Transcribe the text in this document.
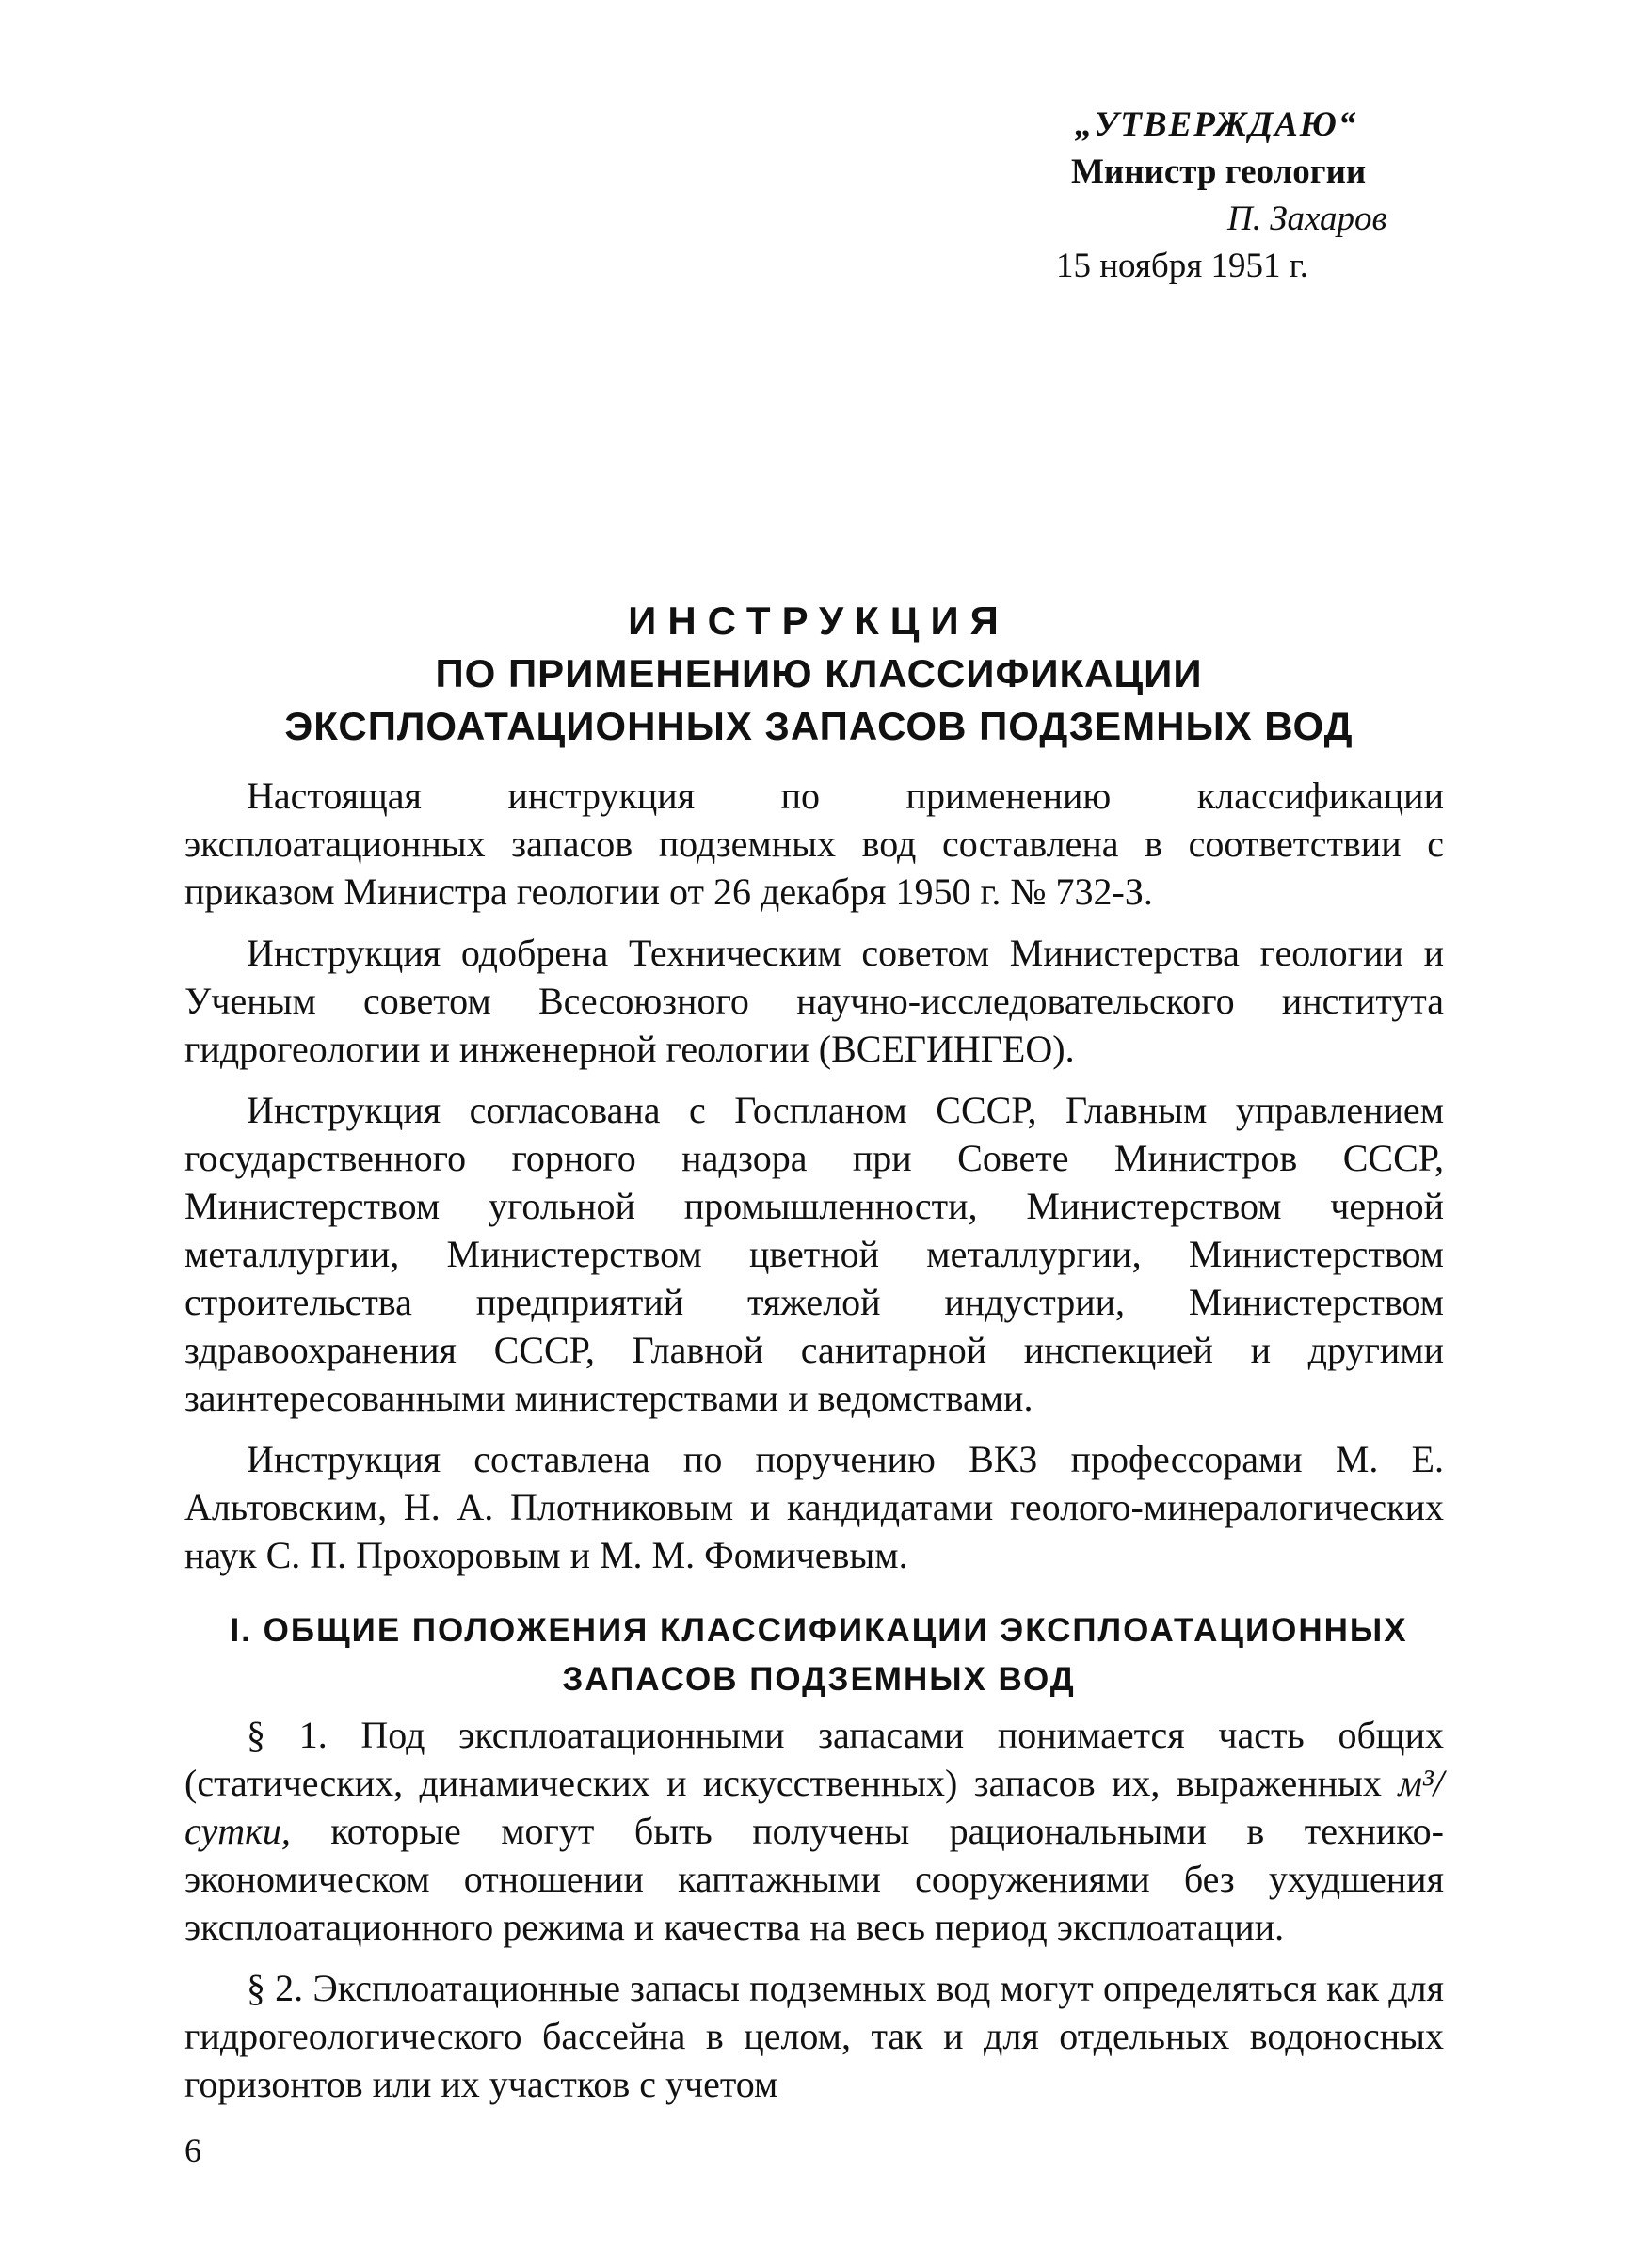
„УТВЕРЖДАЮ“
Министр геологии
П. Захаров
15 ноября 1951 г.
ИНСТРУКЦИЯ
ПО ПРИМЕНЕНИЮ КЛАССИФИКАЦИИ
ЭКСПЛОАТАЦИОННЫХ ЗАПАСОВ ПОДЗЕМНЫХ ВОД

Настоящая инструкция по применению классификации эксплоатационных запасов подземных вод составлена в соответствии с приказом Министра геологии от 26 декабря 1950 г. № 732-З.

Инструкция одобрена Техническим советом Министерства геологии и Ученым советом Всесоюзного научно-исследовательского института гидрогеологии и инженерной геологии (ВСЕГИНГЕО).

Инструкция согласована с Госпланом СССР, Главным управлением государственного горного надзора при Совете Министров СССР, Министерством угольной промышленности, Министерством черной металлургии, Министерством цветной металлургии, Министерством строительства предприятий тяжелой индустрии, Министерством здравоохранения СССР, Главной санитарной инспекцией и другими заинтересованными министерствами и ведомствами.

Инструкция составлена по поручению ВКЗ профессорами М. Е. Альтовским, Н. А. Плотниковым и кандидатами геолого-минералогических наук С. П. Прохоровым и М. М. Фомичевым.

I. ОБЩИЕ ПОЛОЖЕНИЯ КЛАССИФИКАЦИИ ЭКСПЛОАТАЦИОННЫХ
ЗАПАСОВ ПОДЗЕМНЫХ ВОД

§ 1. Под эксплоатационными запасами понимается часть общих (статических, динамических и искусственных) запасов их, выраженных м³/сутки, которые могут быть получены рациональными в технико-экономическом отношении каптажными сооружениями без ухудшения эксплоатационного режима и качества на весь период эксплоатации.

§ 2. Эксплоатационные запасы подземных вод могут определяться как для гидрогеологического бассейна в целом, так и для отдельных водоносных горизонтов или их участков с учетом

6
